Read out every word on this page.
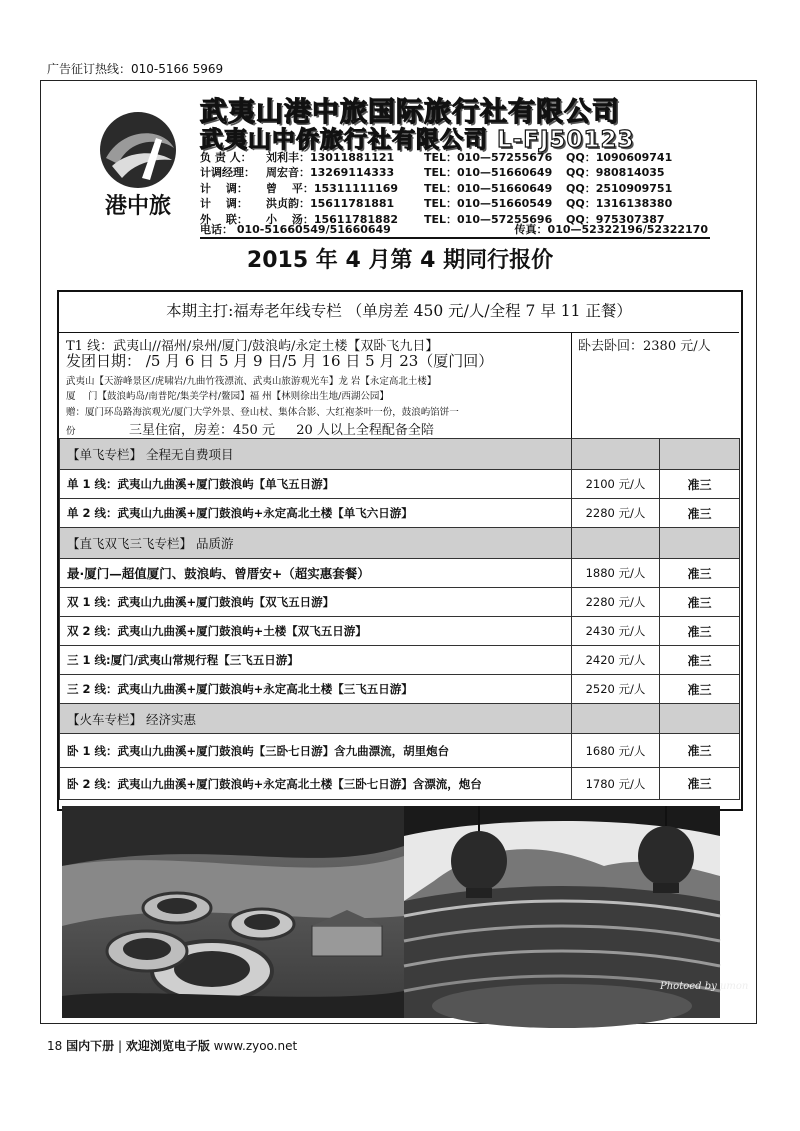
广告征订热线：010-5166 5969
港中旅
武夷山港中旅国际旅行社有限公司
武夷山中侨旅行社有限公司 L-FJ50123
负 责 人： 刘利丰：13011881121	TEL：010—57255676 QQ：1090609741
计调经理： 周宏音：13269114333	TEL：010—51660649 QQ：980814035
计 　调： 曾 　平：15311111169 TEL：010—51660649 QQ：2510909751
计 　调： 洪贞韵：15611781881	TEL：010—51660549 QQ：1316138380
外 　联： 小 　汤：15611781882 TEL：010—57255696 QQ：975307387
电话： 010-51660549/51660649	传真：010—52322196/52322170
2015 年 4 月第 4 期同行报价
本期主打:福寿老年线专栏 （单房差 450 元/人/全程 7 早 11 正餐）
T1 线：武夷山//福州/泉州/厦门/鼓浪屿/永定土楼【双卧飞九日】
发团日期： /5 月 6 日 5 月 9 日/5 月 16 日 5 月 23（厦门回）
武夷山【天游峰景区/虎啸岩/九曲竹筏漂流、武夷山旅游观光车】龙 岩【永定高北土楼】
厦 　门【鼓浪屿岛/南普陀/集美学村/鳌园】福 州【林则徐出生地/西湖公园】
赠：厦门环岛路海滨观光/厦门大学外景、登山杖、集体合影、大红袍茶叶一份，鼓浪屿馅饼一
份	三星住宿，房差：450 元 　 20 人以上全程配备全陪
卧去卧回：2380 元/人
【单飞专栏】 全程无自费项目		
单 1 线：武夷山九曲溪+厦门鼓浪屿【单飞五日游】	2100 元/人	准三
单 2 线：武夷山九曲溪+厦门鼓浪屿+永定高北土楼【单飞六日游】	2280 元/人	准三
【直飞双飞三飞专栏】 品质游		
最·厦门—超值厦门、鼓浪屿、曾厝安+（超实惠套餐）	1880 元/人	准三
双 1 线：武夷山九曲溪+厦门鼓浪屿【双飞五日游】	2280 元/人	准三
双 2 线：武夷山九曲溪+厦门鼓浪屿+土楼【双飞五日游】	2430 元/人	准三
三 1 线:厦门/武夷山常规行程【三飞五日游】	2420 元/人	准三
三 2 线：武夷山九曲溪+厦门鼓浪屿+永定高北土楼【三飞五日游】	2520 元/人	准三
【火车专栏】 经济实惠		
卧 1 线：武夷山九曲溪+厦门鼓浪屿【三卧七日游】含九曲漂流，胡里炮台	1680 元/人	准三
卧 2 线：武夷山九曲溪+厦门鼓浪屿+永定高北土楼【三卧七日游】含漂流，炮台	1780 元/人	准三
Photoed by umon
18 国内下册 | 欢迎浏览电子版 www.zyoo.net
